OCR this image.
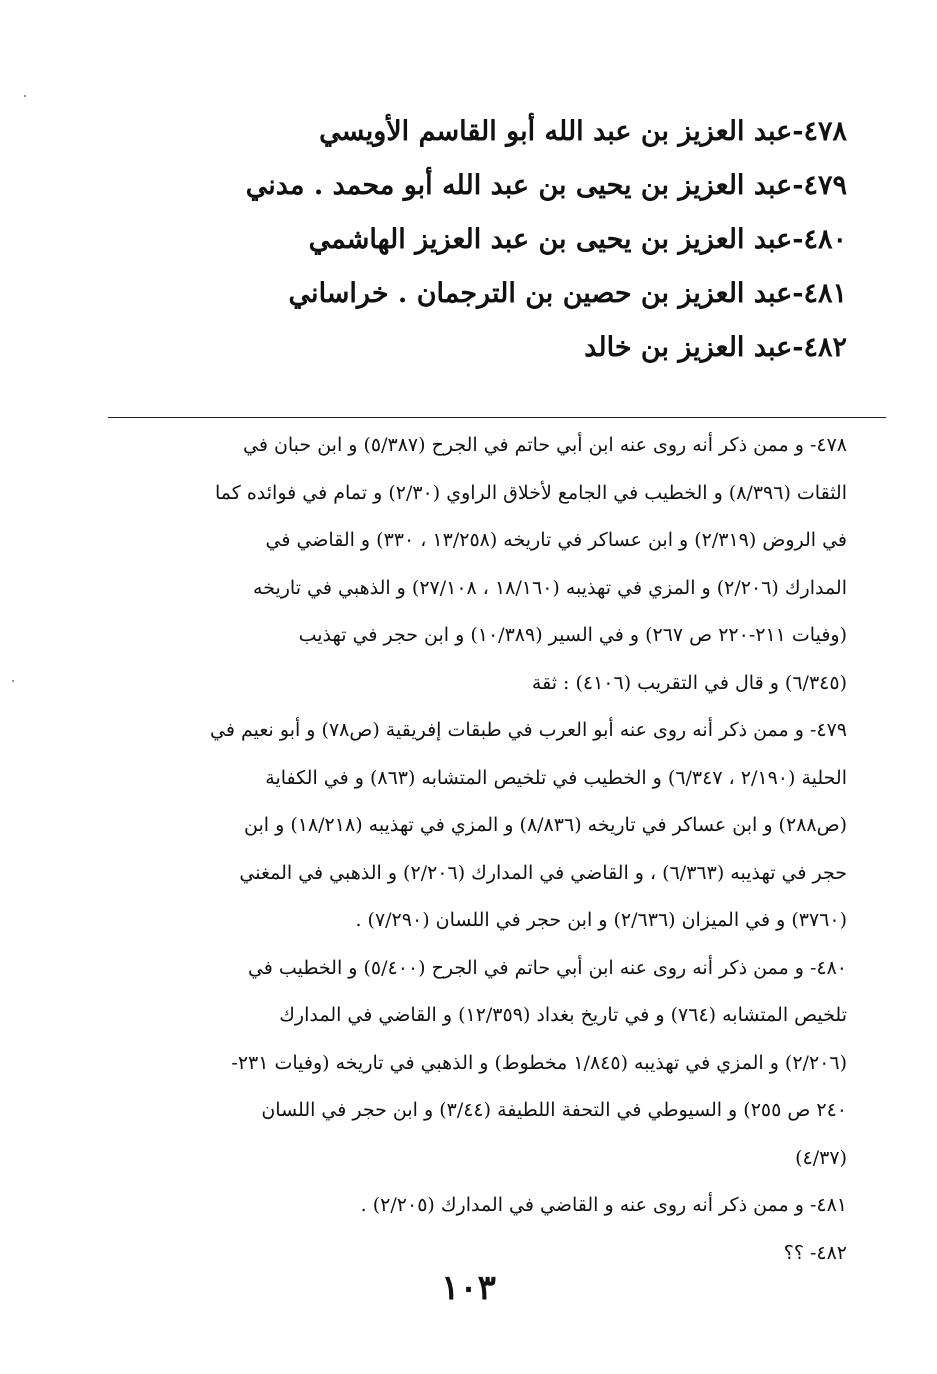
٤٧٨-عبد العزيز بن عبد الله أبو القاسم الأويسي
٤٧٩-عبد العزيز بن يحيى بن عبد الله أبو محمد . مدني
٤٨٠-عبد العزيز بن يحيى بن عبد العزيز الهاشمي
٤٨١-عبد العزيز بن حصين بن الترجمان . خراساني
٤٨٢-عبد العزيز بن خالد

٤٧٨- و ممن ذكر أنه روى عنه ابن أبي حاتم في الجرح (٥/٣٨٧) و ابن حبان في

الثقات (٨/٣٩٦) و الخطيب في الجامع لأخلاق الراوي (٢/٣٠) و تمام في فوائده كما

في الروض (٢/٣١٩) و ابن عساكر في تاريخه (١٣/٢٥٨ ، ٣٣٠) و القاضي في

المدارك (٢/٢٠٦) و المزي في تهذيبه (١٨/١٦٠ ، ٢٧/١٠٨) و الذهبي في تاريخه

(وفيات ٢١١-٢٢٠ ص ٢٦٧) و في السير (١٠/٣٨٩) و ابن حجر في تهذيب

(٦/٣٤٥) و قال في التقريب (٤١٠٦) : ثقة

٤٧٩- و ممن ذكر أنه روى عنه أبو العرب في طبقات إفريقية (ص٧٨) و أبو نعيم في

الحلية (٢/١٩٠ ، ٦/٣٤٧) و الخطيب في تلخيص المتشابه (٨٦٣) و في الكفاية

(ص٢٨٨) و ابن عساكر في تاريخه (٨/٨٣٦) و المزي في تهذيبه (١٨/٢١٨) و ابن

حجر في تهذيبه (٦/٣٦٣) ، و القاضي في المدارك (٢/٢٠٦) و الذهبي في المغني

(٣٧٦٠) و في الميزان (٢/٦٣٦) و ابن حجر في اللسان (٧/٢٩٠) .

٤٨٠- و ممن ذكر أنه روى عنه ابن أبي حاتم في الجرح (٥/٤٠٠) و الخطيب في

تلخيص المتشابه (٧٦٤) و في تاريخ بغداد (١٢/٣٥٩) و القاضي في المدارك

(٢/٢٠٦) و المزي في تهذيبه (١/٨٤٥ مخطوط) و الذهبي في تاريخه (وفيات ٢٣١-

٢٤٠ ص ٢٥٥) و السيوطي في التحفة اللطيفة (٣/٤٤) و ابن حجر في اللسان

(٤/٣٧)

٤٨١- و ممن ذكر أنه روى عنه و القاضي في المدارك (٢/٢٠٥) .

٤٨٢- ؟؟

١٠٣
